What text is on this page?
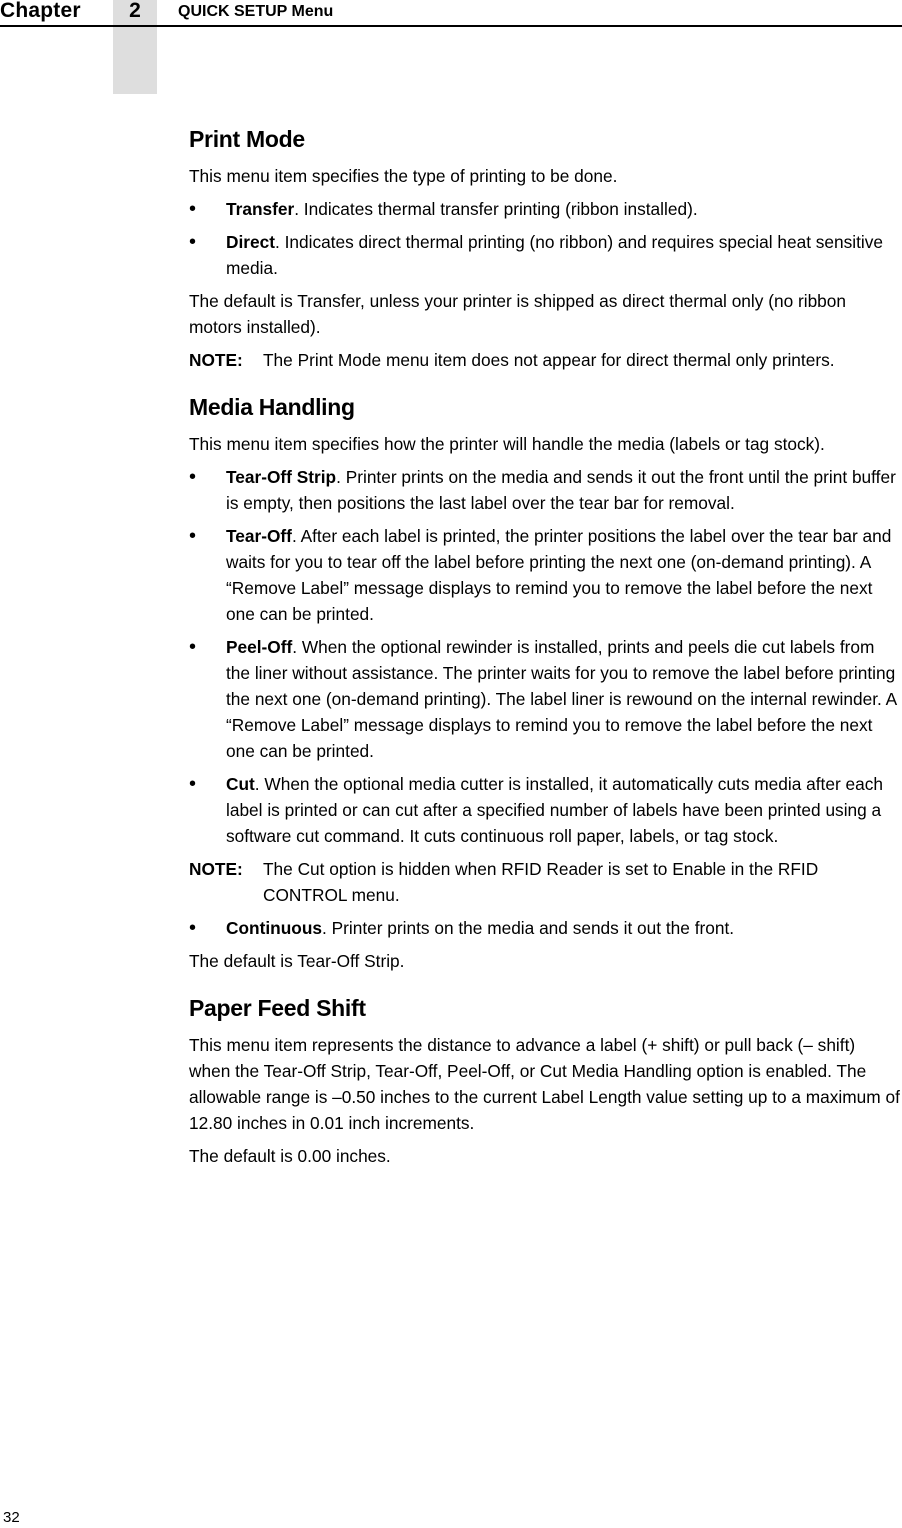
Chapter	2	QUICK SETUP Menu
Print Mode

This menu item specifies the type of printing to be done.

• Transfer. Indicates thermal transfer printing (ribbon installed).
• Direct. Indicates direct thermal printing (no ribbon) and requires special heat sensitive media.

The default is Transfer, unless your printer is shipped as direct thermal only (no ribbon motors installed).

NOTE: The Print Mode menu item does not appear for direct thermal only printers.
Media Handling

This menu item specifies how the printer will handle the media (labels or tag stock).

• Tear-Off Strip. Printer prints on the media and sends it out the front until the print buffer is empty, then positions the last label over the tear bar for removal.
• Tear-Off. After each label is printed, the printer positions the label over the tear bar and waits for you to tear off the label before printing the next one (on-demand printing). A “Remove Label” message displays to remind you to remove the label before the next one can be printed.
• Peel-Off. When the optional rewinder is installed, prints and peels die cut labels from the liner without assistance. The printer waits for you to remove the label before printing the next one (on-demand printing). The label liner is rewound on the internal rewinder. A “Remove Label” message displays to remind you to remove the label before the next one can be printed.
• Cut. When the optional media cutter is installed, it automatically cuts media after each label is printed or can cut after a specified number of labels have been printed using a software cut command. It cuts continuous roll paper, labels, or tag stock.
NOTE: The Cut option is hidden when RFID Reader is set to Enable in the RFID CONTROL menu.
• Continuous. Printer prints on the media and sends it out the front.

The default is Tear-Off Strip.

Paper Feed Shift

This menu item represents the distance to advance a label (+ shift) or pull back (– shift) when the Tear-Off Strip, Tear-Off, Peel-Off, or Cut Media Handling option is enabled. The allowable range is –0.50 inches to the current Label Length value setting up to a maximum of 12.80 inches in 0.01 inch increments.

The default is 0.00 inches.

32
